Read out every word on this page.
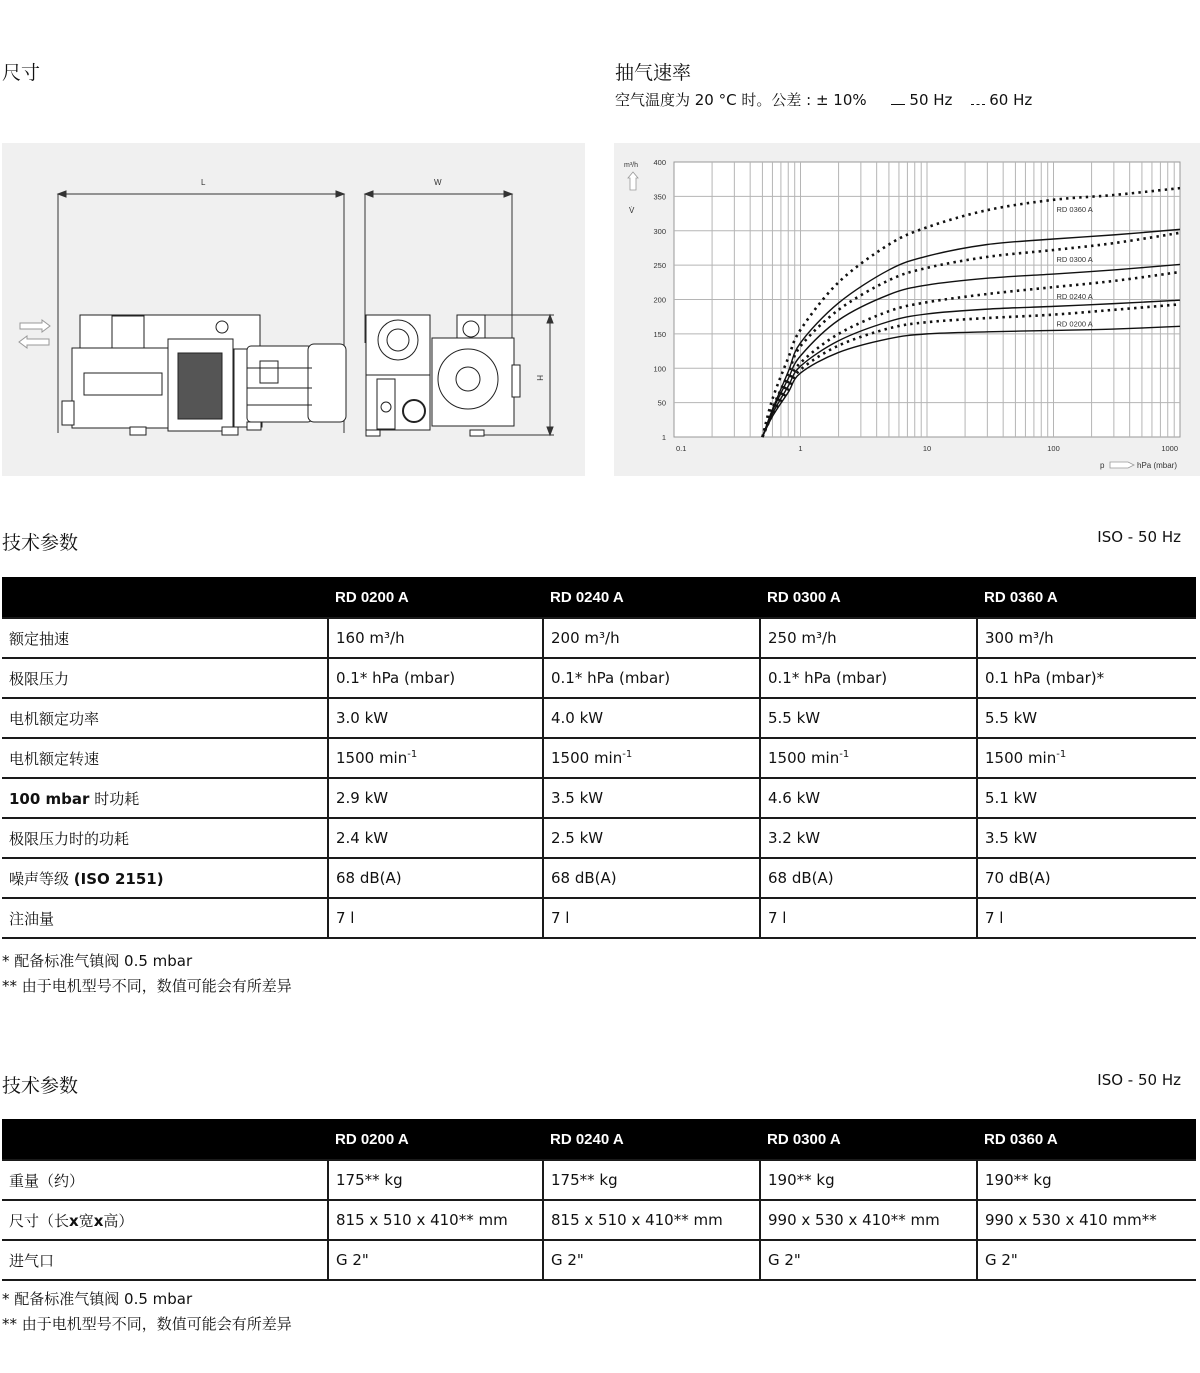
尺寸
L	W
H
抽气速率
空气温度为 20 °C 时。公差 : ± 10%	50 Hz 60 Hz
1
50
100
150
200
250
300
350
400
0.1	1	10	100	1000
RD 0360 A
RD 0300 A
RD 0240 A
RD 0200 A
m³/h
V̇
p	hPa (mbar)
技术参数	ISO - 50 Hz
	RD 0200 A	RD 0240 A	RD 0300 A	RD 0360 A
额定抽速	160 m³/h	200 m³/h	250 m³/h	300 m³/h
极限压力	0.1* hPa (mbar)	0.1* hPa (mbar)	0.1* hPa (mbar)	0.1 hPa (mbar)*
电机额定功率	3.0 kW	4.0 kW	5.5 kW	5.5 kW
电机额定转速	1500 $\min^{-1}$	1500 $\min^{-1}$	1500 $\min^{-1}$	1500 $\min^{-1}$
100 mbar 时功耗	2.9 kW	3.5 kW	4.6 kW	5.1 kW
极限压力时的功耗	2.4 kW	2.5 kW	3.2 kW	3.5 kW
噪声等级 (ISO 2151)	68 dB(A)	68 dB(A)	68 dB(A)	70 dB(A)
注油量	7 l	7 l	7 l	7 l
* 配备标准气镇阀 0.5 mbar
** 由于电机型号不同，数值可能会有所差异
技术参数	ISO - 50 Hz
	RD 0200 A	RD 0240 A	RD 0300 A	RD 0360 A
重量（约）	175** kg	175** kg	190** kg	190** kg
尺寸（长x宽x高）	815 x 510 x 410** mm	815 x 510 x 410** mm	990 x 530 x 410** mm	990 x 530 x 410 mm**
进气口	G 2"	G 2"	G 2"	G 2"
* 配备标准气镇阀 0.5 mbar
** 由于电机型号不同，数值可能会有所差异
